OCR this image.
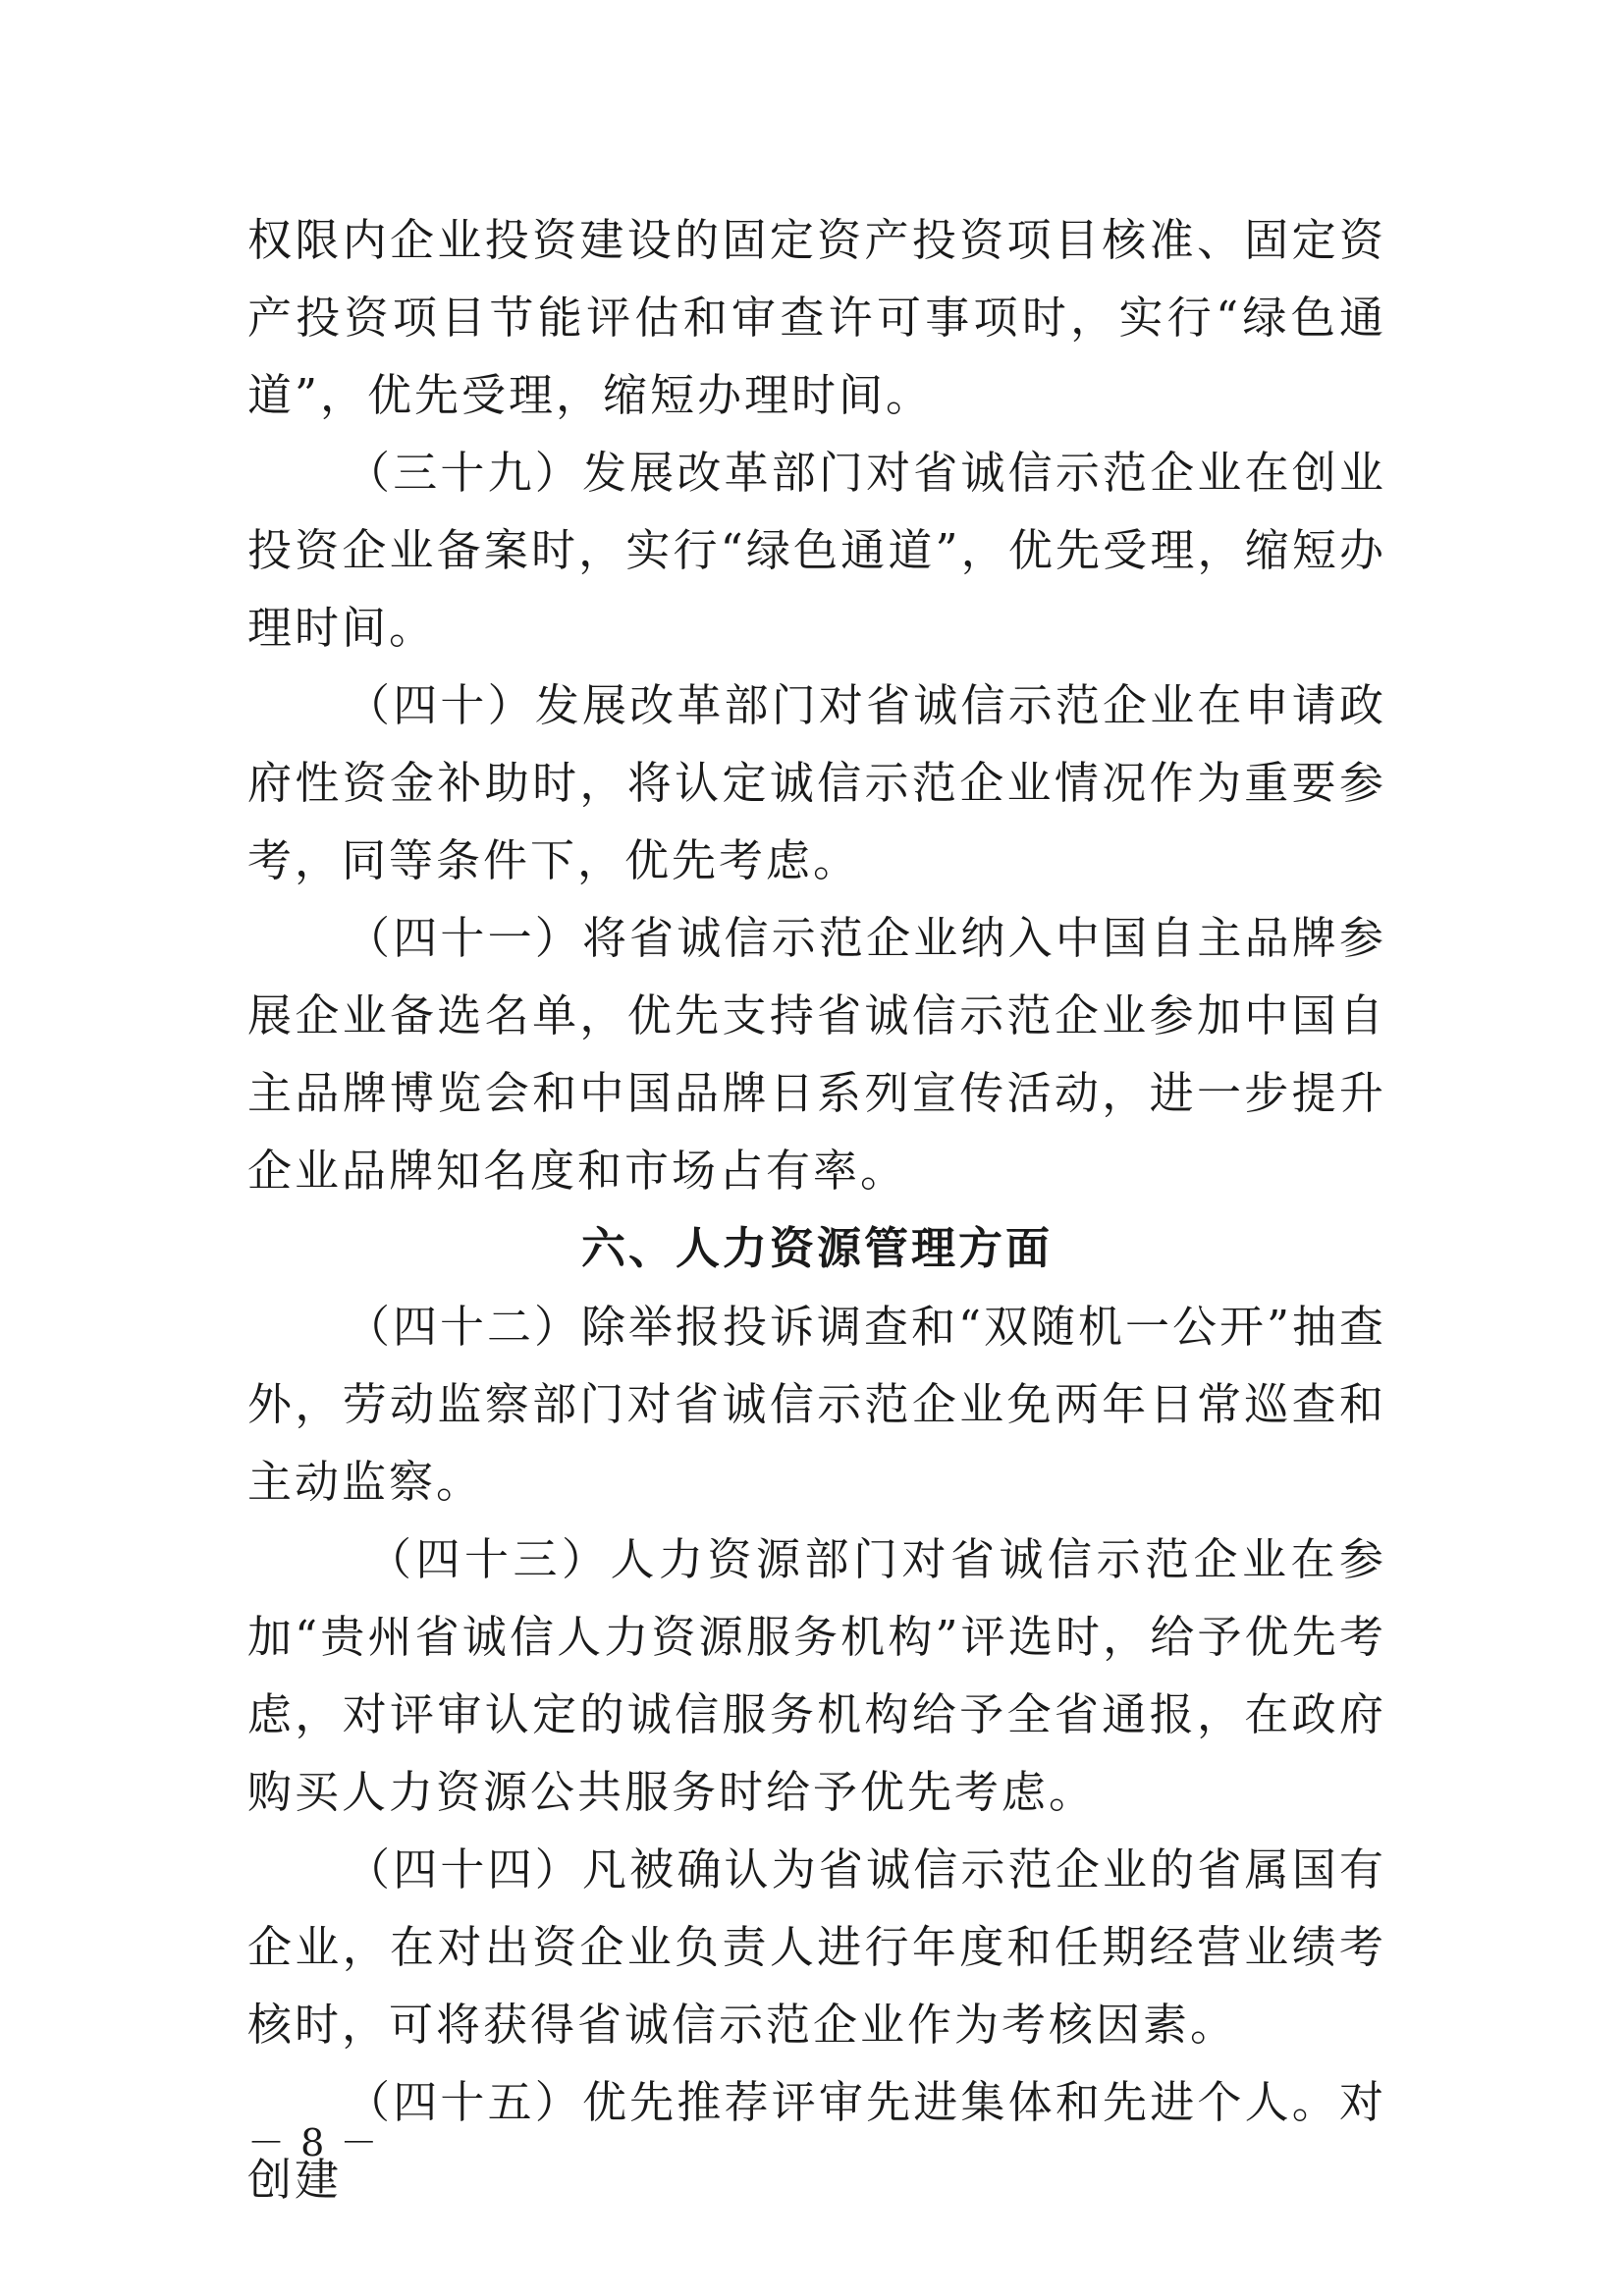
权限内企业投资建设的固定资产投资项目核准、固定资产投资项目节能评估和审查许可事项时，实行“绿色通道”，优先受理，缩短办理时间。

（三十九）发展改革部门对省诚信示范企业在创业投资企业备案时，实行“绿色通道”，优先受理，缩短办理时间。

（四十）发展改革部门对省诚信示范企业在申请政府性资金补助时，将认定诚信示范企业情况作为重要参考，同等条件下，优先考虑。

（四十一）将省诚信示范企业纳入中国自主品牌参展企业备选名单，优先支持省诚信示范企业参加中国自主品牌博览会和中国品牌日系列宣传活动，进一步提升企业品牌知名度和市场占有率。

六、人力资源管理方面

（四十二）除举报投诉调查和“双随机一公开”抽查外，劳动监察部门对省诚信示范企业免两年日常巡查和主动监察。

（四十三）人力资源部门对省诚信示范企业在参加“贵州省诚信人力资源服务机构”评选时，给予优先考虑，对评审认定的诚信服务机构给予全省通报，在政府购买人力资源公共服务时给予优先考虑。

（四十四）凡被确认为省诚信示范企业的省属国有企业，在对出资企业负责人进行年度和任期经营业绩考核时，可将获得省诚信示范企业作为考核因素。

（四十五）优先推荐评审先进集体和先进个人。对创建

－ 8 －
